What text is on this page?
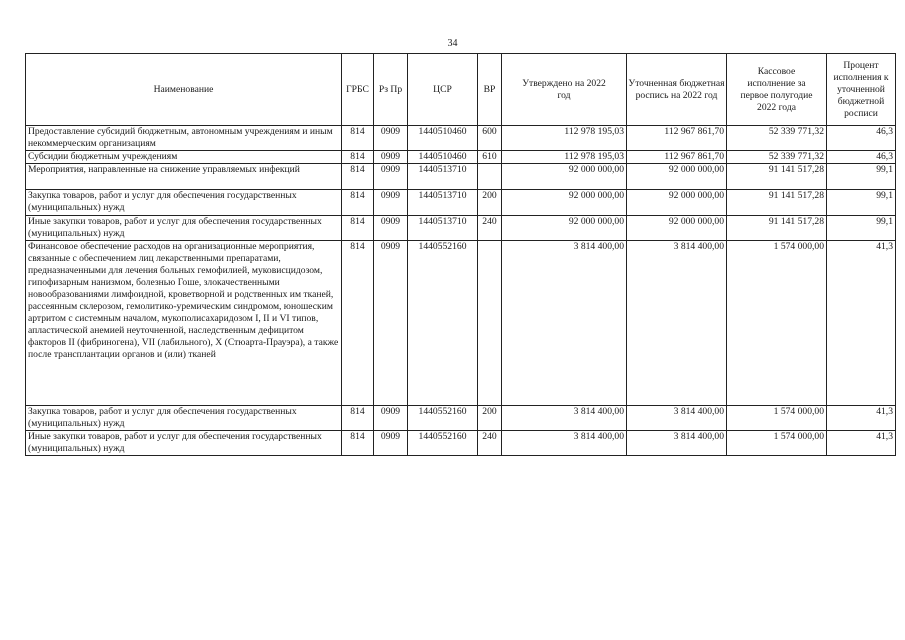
34
Наименование	ГРБС	Рз Пр	ЦСР	ВР	Утверждено на 2022 год	Уточненная бюджетная роспись на 2022 год	Кассовое исполнение за первое полугодие 2022 года	Процент исполнения к уточненной бюджетной росписи
Предоставление субсидий бюджетным, автономным учреждениям и иным некоммерческим организациям	814	0909	1440510460	600	112 978 195,03	112 967 861,70	52 339 771,32	46,3
Субсидии бюджетным учреждениям	814	0909	1440510460	610	112 978 195,03	112 967 861,70	52 339 771,32	46,3
Мероприятия, направленные на снижение управляемых инфекций	814	0909	1440513710		92 000 000,00	92 000 000,00	91 141 517,28	99,1
Закупка товаров, работ и услуг для обеспечения государственных (муниципальных) нужд	814	0909	1440513710	200	92 000 000,00	92 000 000,00	91 141 517,28	99,1
Иные закупки товаров, работ и услуг для обеспечения государственных (муниципальных) нужд	814	0909	1440513710	240	92 000 000,00	92 000 000,00	91 141 517,28	99,1
Финансовое обеспечение расходов на организационные мероприятия, связанные с обеспечением лиц лекарственными препаратами, предназначенными для лечения больных гемофилией, муковисцидозом, гипофизарным нанизмом, болезнью Гоше, злокачественными новообразованиями лимфоидной, кроветворной и родственных им тканей, рассеянным склерозом, гемолитико-уремическим синдромом, юношеским артритом с системным началом, мукополисахаридозом I, II и VI типов, апластической анемией неуточненной, наследственным дефицитом факторов II (фибриногена), VII (лабильного), X (Стюарта-Прауэра), а также после трансплантации органов и (или) тканей	814	0909	1440552160		3 814 400,00	3 814 400,00	1 574 000,00	41,3
Закупка товаров, работ и услуг для обеспечения государственных (муниципальных) нужд	814	0909	1440552160	200	3 814 400,00	3 814 400,00	1 574 000,00	41,3
Иные закупки товаров, работ и услуг для обеспечения государственных (муниципальных) нужд	814	0909	1440552160	240	3 814 400,00	3 814 400,00	1 574 000,00	41,3
